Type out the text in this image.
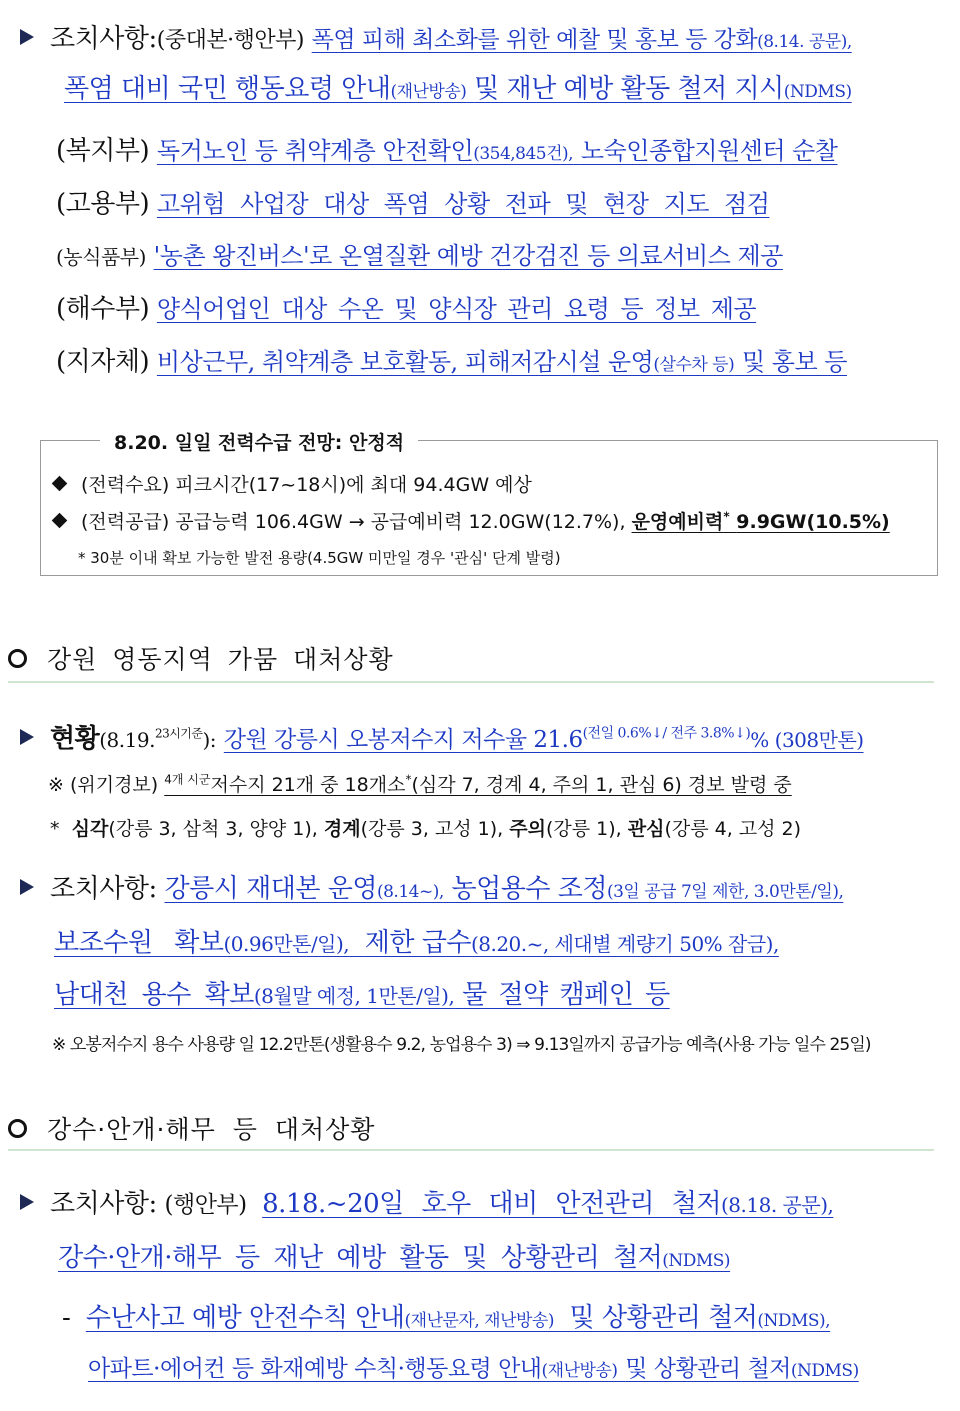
조치사항:(중대본·행안부) 폭염 피해 최소화를 위한 예찰 및 홍보 등 강화(8.14. 공문),
폭염 대비 국민 행동요령 안내(재난방송) 및 재난 예방 활동 철저 지시(NDMS)
(복지부) 독거노인 등 취약계층 안전확인(354,845건), 노숙인종합지원센터 순찰
(고용부) 고위험 사업장 대상 폭염 상황 전파 및 현장 지도 점검
(농식품부) '농촌 왕진버스'로 온열질환 예방 건강검진 등 의료서비스 제공
(해수부) 양식어업인 대상 수온 및 양식장 관리 요령 등 정보 제공
(지자체) 비상근무, 취약계층 보호활동, 피해저감시설 운영(살수차 등) 및 홍보 등
8.20. 일일 전력수급 전망: 안정적
(전력수요) 피크시간(17~18시)에 최대 94.4GW 예상
(전력공급) 공급능력 106.4GW → 공급예비력 12.0GW(12.7%), 운영예비력* 9.9GW(10.5%)
* 30분 이내 확보 가능한 발전 용량(4.5GW 미만일 경우 '관심' 단계 발령)
강원 영동지역 가뭄 대처상황
현황(8.19.$^{23시기준}$): 강원 강릉시 오봉저수지 저수율 $21.6^{(전일 0.6\%↓/ 전주 3.8\%↓)}\%$ (308만톤)
※ (위기경보) $^{4개 시군}$저수지 21개 중 18개소*(심각 7, 경계 4, 주의 1, 관심 6) 경보 발령 중
* 심각(강릉 3, 삼척 3, 양양 1), 경계(강릉 3, 고성 1), 주의(강릉 1), 관심(강릉 4, 고성 2)
조치사항: 강릉시 재대본 운영(8.14~), 농업용수 조정(3일 공급 7일 제한, 3.0만톤/일),
보조수원 확보(0.96만톤/일), 제한 급수(8.20.~, 세대별 계량기 50% 잠금),
남대천 용수 확보(8월말 예정, 1만톤/일), 물 절약 캠페인 등
※ 오봉저수지 용수 사용량 일 12.2만톤(생활용수 9.2, 농업용수 3) ⇒ 9.13일까지 공급가능 예측(사용 가능 일수 25일)
강수·안개·해무 등 대처상황
조치사항: (행안부) 8.18.~20일 호우 대비 안전관리 철저(8.18. 공문),
강수·안개·해무 등 재난 예방 활동 및 상황관리 철저(NDMS)
- 수난사고 예방 안전수칙 안내(재난문자, 재난방송) 및 상황관리 철저(NDMS),
아파트·에어컨 등 화재예방 수칙·행동요령 안내(재난방송) 및 상황관리 철저(NDMS)
